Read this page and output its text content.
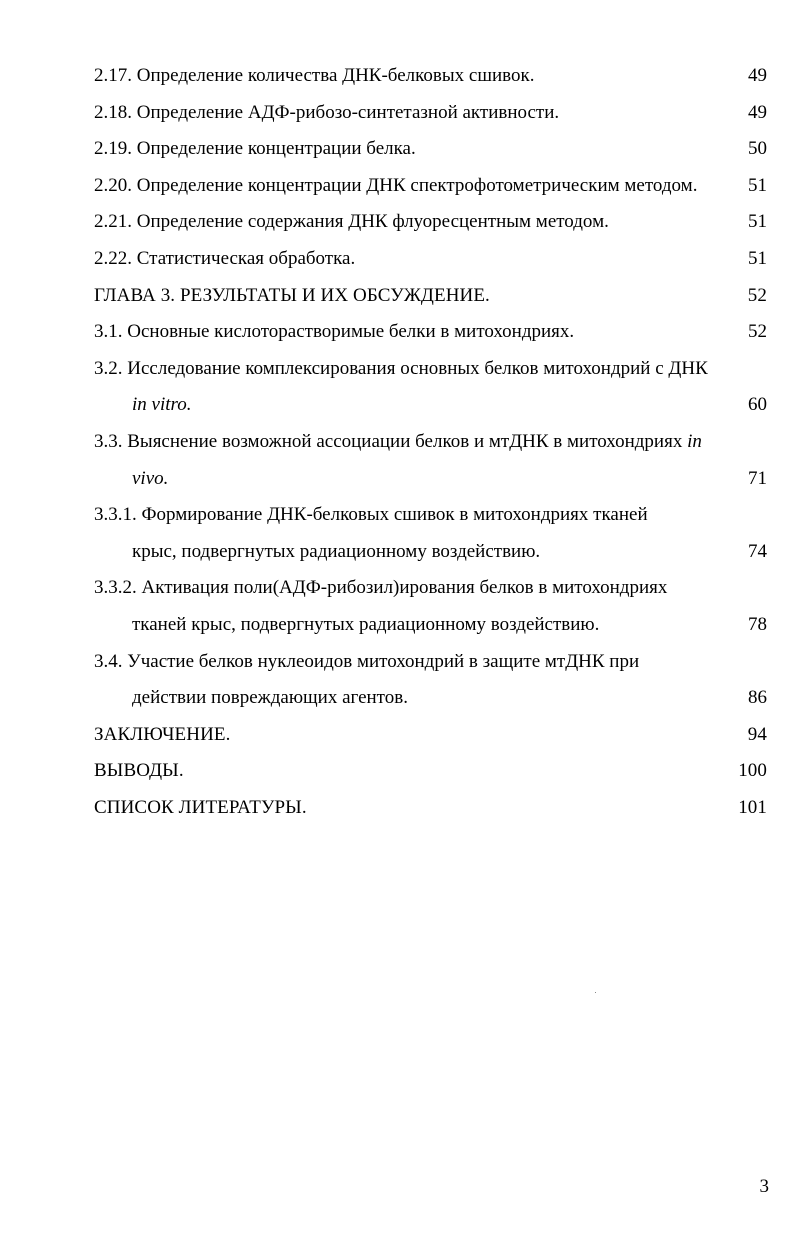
2.17. Определение количества ДНК-белковых сшивок.	49
2.18. Определение АДФ-рибозо-синтетазной активности.	49
2.19. Определение концентрации белка.	50
2.20. Определение концентрации ДНК спектрофотометрическим методом.	51
2.21. Определение содержания ДНК флуоресцентным методом.	51
2.22. Статистическая обработка.	51
ГЛАВА 3. РЕЗУЛЬТАТЫ И ИХ ОБСУЖДЕНИЕ.	52
3.1. Основные кислоторастворимые белки в митохондриях.	52
3.2. Исследование комплексирования основных белков митохондрий с ДНК
in vitro.	60
3.3. Выяснение возможной ассоциации белков и мтДНК в митохондриях in
vivo.	71
3.3.1. Формирование ДНК-белковых сшивок в митохондриях тканей
крыс, подвергнутых радиационному воздействию.	74
3.3.2. Активация поли(АДФ-рибозил)ирования белков в митохондриях
тканей крыс, подвергнутых радиационному воздействию.	78
3.4. Участие белков нуклеоидов митохондрий в защите мтДНК при
действии повреждающих агентов.	86
ЗАКЛЮЧЕНИЕ.	94
ВЫВОДЫ.	100
СПИСОК ЛИТЕРАТУРЫ.	101
3
